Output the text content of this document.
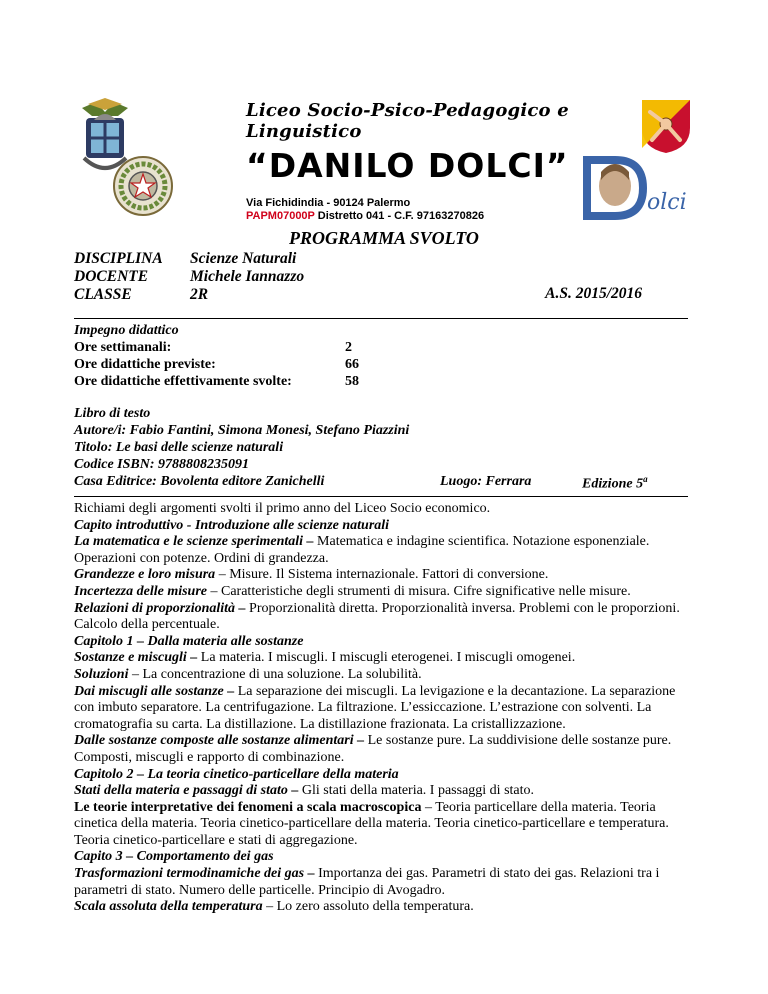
Liceo Socio-Psico-Pedagogico e Linguistico
“DANILO DOLCI”
Via Fichidindia - 90124 Palermo
PAPM07000P Distretto 041 - C.F. 97163270826
olci
PROGRAMMA SVOLTO
DISCIPLINA Scienze Naturali
DOCENTE	Michele Iannazzo
CLASSE	2R	A.S. 2015/2016
Impegno didattico
Ore settimanali:	2
Ore didattiche previste:	66
Ore didattiche effettivamente svolte:	58
Libro di testo
Autore/i: Fabio Fantini, Simona Monesi, Stefano Piazzini
Titolo: Le basi delle scienze naturali
Codice ISBN: 9788808235091
Casa Editrice: Bovolenta editore Zanichelli	Luogo: Ferrara	Edizione 5$^a$

Richiami degli argomenti svolti il primo anno del Liceo Socio economico.

Capito introduttivo - Introduzione alle scienze naturali

La matematica e le scienze sperimentali – Matematica e indagine scientifica. Notazione esponenziale. Operazioni con potenze. Ordini di grandezza.

Grandezze e loro misura – Misure. Il Sistema internazionale. Fattori di conversione.

Incertezza delle misure – Caratteristiche degli strumenti di misura. Cifre significative nelle misure.

Relazioni di proporzionalità – Proporzionalità diretta. Proporzionalità inversa. Problemi con le proporzioni. Calcolo della percentuale.

Capitolo 1 – Dalla materia alle sostanze

Sostanze e miscugli – La materia. I miscugli. I miscugli eterogenei. I miscugli omogenei.

Soluzioni – La concentrazione di una soluzione. La solubilità.

Dai miscugli alle sostanze – La separazione dei miscugli. La levigazione e la decantazione. La separazione con imbuto separatore. La centrifugazione. La filtrazione. L’essiccazione. L’estrazione con solventi. La cromatografia su carta. La distillazione. La distillazione frazionata. La cristallizzazione.

Dalle sostanze composte alle sostanze alimentari – Le sostanze pure. La suddivisione delle sostanze pure. Composti, miscugli e rapporto di combinazione.

Capitolo 2 – La teoria cinetico-particellare della materia

Stati della materia e passaggi di stato – Gli stati della materia. I passaggi di stato.

Le teorie interpretative dei fenomeni a scala macroscopica – Teoria particellare della materia. Teoria cinetica della materia. Teoria cinetico-particellare della materia. Teoria cinetico-particellare e temperatura. Teoria cinetico-particellare e stati di aggregazione.

Capito 3 – Comportamento dei gas

Trasformazioni termodinamiche dei gas – Importanza dei gas. Parametri di stato dei gas. Relazioni tra i parametri di stato. Numero delle particelle. Principio di Avogadro.

Scala assoluta della temperatura – Lo zero assoluto della temperatura.
